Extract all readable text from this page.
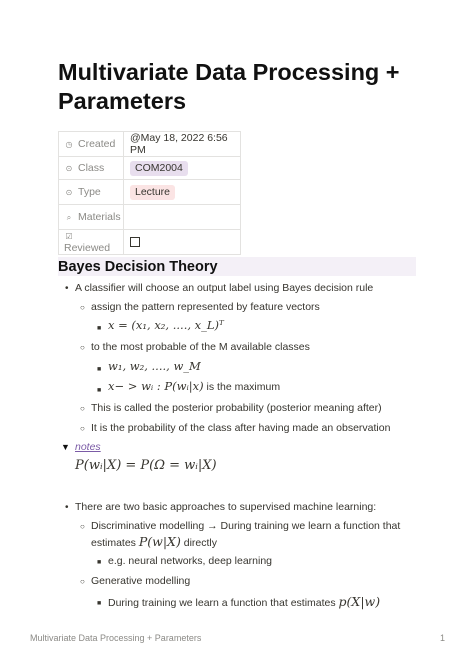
Multivariate Data Processing + Parameters
◷ Created	@May 18, 2022 6:56 PM
⊙ Class	COM2004
⊙ Type	Lecture
⌕ Materials	
☑Reviewed	
Bayes Decision Theory
• A classifier will choose an output label using Bayes decision rule
○ assign the pattern represented by feature vectors
■ x = (x₁, x₂, ...., x_L)ᵀ
○ to the most probable of the M available classes
■ w₁, w₂, ...., w_M
■ x− > wᵢ : P(wᵢ|x) is the maximum
○ This is called the posterior probability (posterior meaning after)
○ It is the probability of the class after having made an observation
▼ notes
P(wᵢ|X) = P(Ω = wᵢ|X)
• There are two basic approaches to supervised machine learning:
○ Discriminative modelling → During training we learn a function that
estimates P(w|X) directly
■ e.g. neural networks, deep learning
○ Generative modelling
■ During training we learn a function that estimates p(X|w)
Multivariate Data Processing + Parameters	1
